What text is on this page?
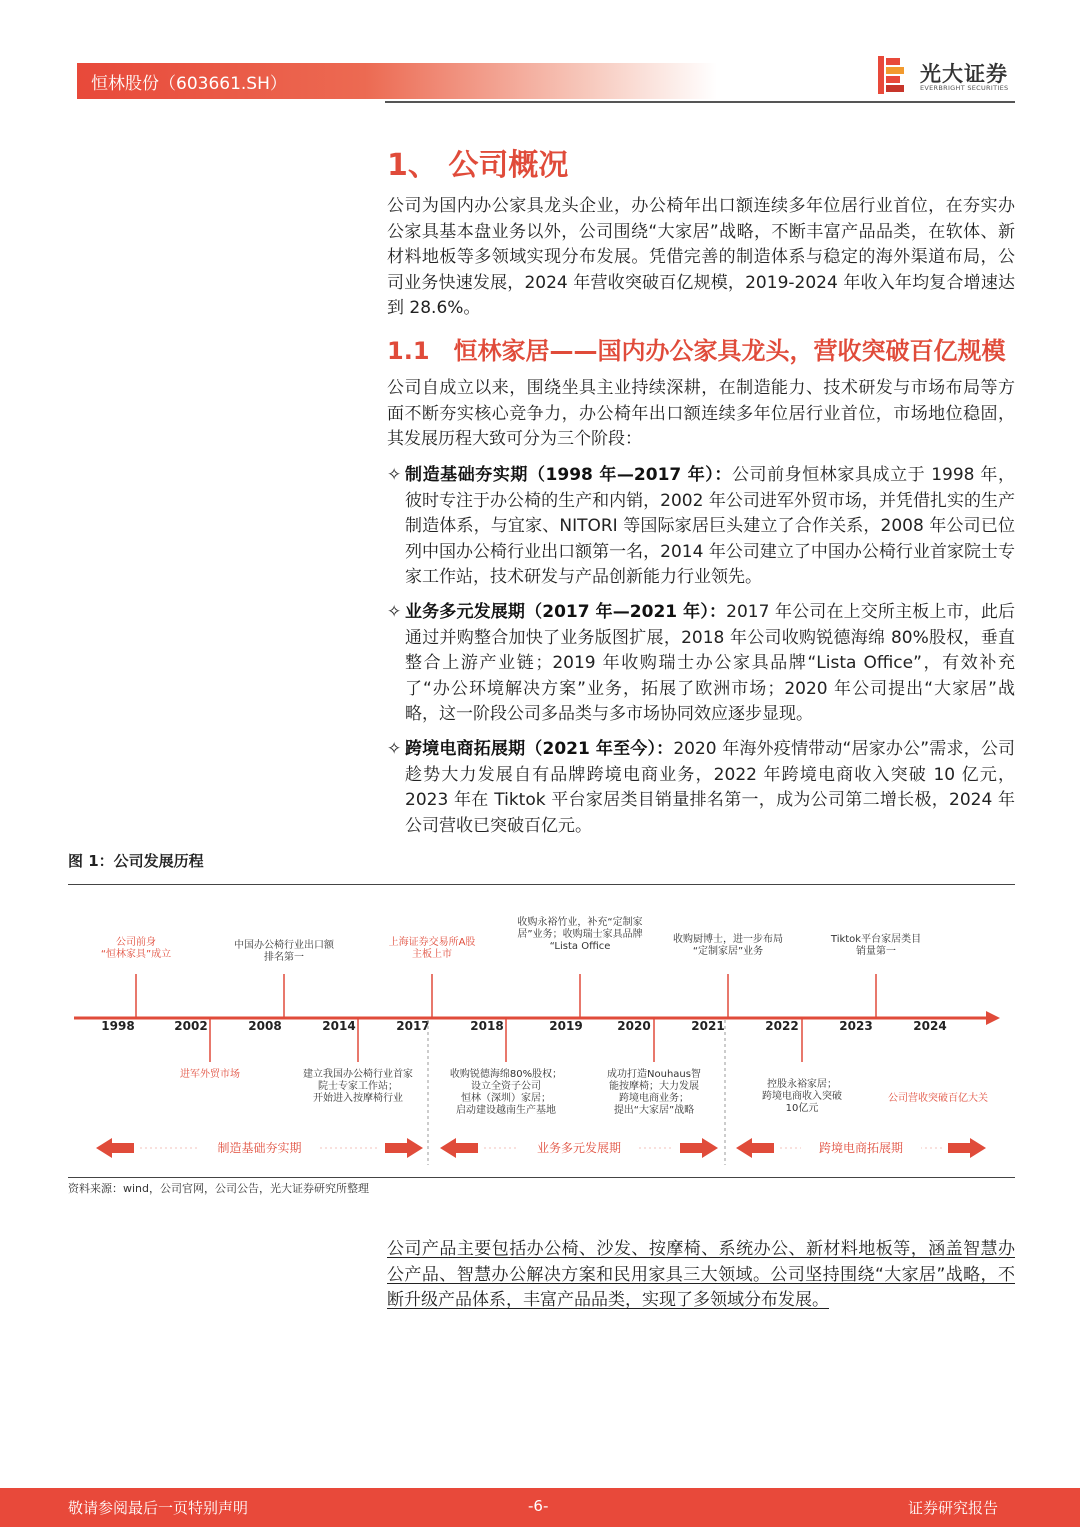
恒林股份（603661.SH）	光大证券
EVERBRIGHT SECURITIES
1、 公司概况

公司为国内办公家具龙头企业，办公椅年出口额连续多年位居行业首位，在夯实办公家具基本盘业务以外，公司围绕“大家居”战略，不断丰富产品品类，在软体、新材料地板等多领域实现分布发展。凭借完善的制造体系与稳定的海外渠道布局，公司业务快速发展，2024 年营收突破百亿规模，2019-2024 年收入年均复合增速达到 28.6%。

1.1　恒林家居——国内办公家具龙头，营收突破百亿规模

公司自成立以来，围绕坐具主业持续深耕，在制造能力、技术研发与市场布局等方面不断夯实核心竞争力，办公椅年出口额连续多年位居行业首位，市场地位稳固，其发展历程大致可分为三个阶段：

✧ 制造基础夯实期（1998 年—2017 年）：公司前身恒林家具成立于 1998 年，彼时专注于办公椅的生产和内销，2002 年公司进军外贸市场，并凭借扎实的生产制造体系，与宜家、NITORI 等国际家居巨头建立了合作关系，2008 年公司已位列中国办公椅行业出口额第一名，2014 年公司建立了中国办公椅行业首家院士专家工作站，技术研发与产品创新能力行业领先。
✧ 业务多元发展期（2017 年—2021 年）：2017 年公司在上交所主板上市，此后通过并购整合加快了业务版图扩展，2018 年公司收购锐德海绵 80%股权，垂直整合上游产业链；2019 年收购瑞士办公家具品牌“Lista Office”，有效补充了“办公环境解决方案”业务，拓展了欧洲市场；2020 年公司提出“大家居”战略，这一阶段公司多品类与多市场协同效应逐步显现。
✧ 跨境电商拓展期（2021 年至今）：2020 年海外疫情带动“居家办公”需求，公司趁势大力发展自有品牌跨境电商业务，2022 年跨境电商收入突破 10 亿元，2023 年在 Tiktok 平台家居类目销量排名第一，成为公司第二增长极，2024 年公司营收已突破百亿元。
图 1：公司发展历程
1998	2002	2008	2014	2017	2018	2019	2020	2021	2022	2023	2024
公司前身
“恒林家具”成立
中国办公椅行业出口额
排名第一
上海证券交易所A股
主板上市
收购永裕竹业，补充“定制家
居”业务；收购瑞士家具品牌
“Lista Office
收购厨博士，进一步布局
“定制家居”业务
Tiktok平台家居类目
销量第一
进军外贸市场	建立我国办公椅行业首家
院士专家工作站；
开始进入按摩椅行业
收购锐德海绵80%股权；
设立全资子公司
恒林（深圳）家居；
启动建设越南生产基地
成功打造Nouhaus智
能按摩椅；大力发展
跨境电商业务；
提出“大家居”战略
控股永裕家居；
跨境电商收入突破
10亿元
公司营收突破百亿大关
制造基础夯实期	业务多元发展期	跨境电商拓展期
资料来源：wind，公司官网，公司公告，光大证券研究所整理

公司产品主要包括办公椅、沙发、按摩椅、系统办公、新材料地板等，涵盖智慧办公产品、智慧办公解决方案和民用家具三大领域。公司坚持围绕“大家居”战略，不断升级产品体系，丰富产品品类，实现了多领域分布发展。

敬请参阅最后一页特别声明	-6-	证券研究报告
